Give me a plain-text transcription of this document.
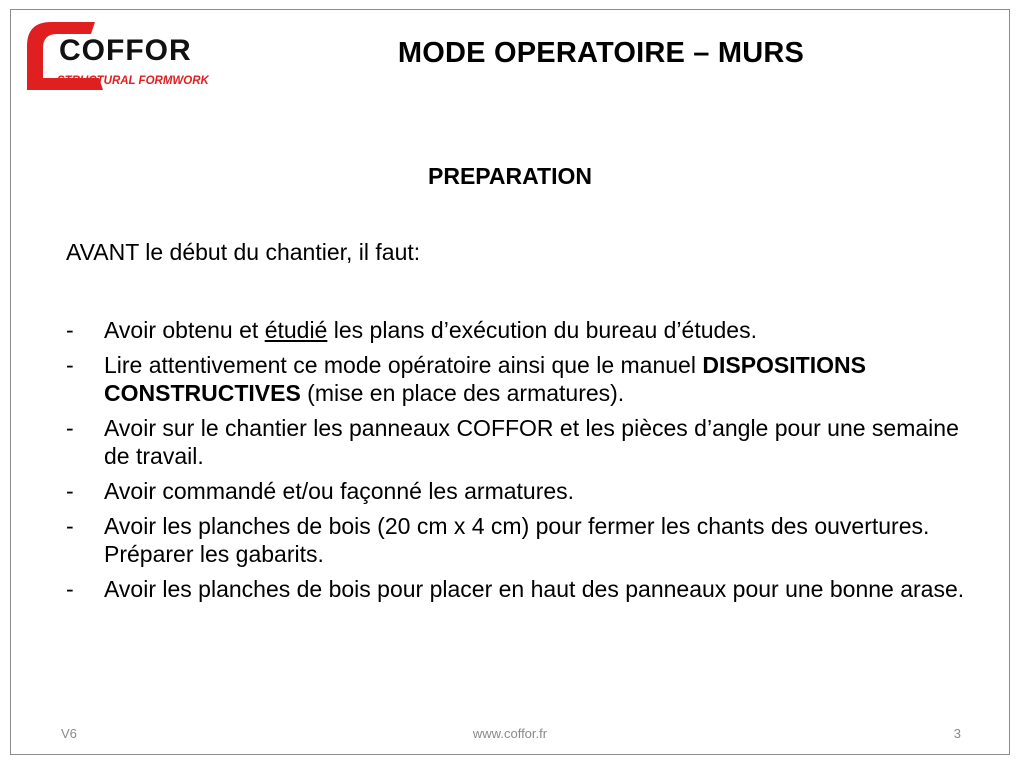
COFFOR
STRUCTURAL FORMWORK
MODE OPERATOIRE – MURS
PREPARATION

AVANT le début du chantier, il faut:

- Avoir obtenu et étudié les plans d’exécution du bureau d’études.
- Lire attentivement ce mode opératoire ainsi que le manuel DISPOSITIONS CONSTRUCTIVES (mise en place des armatures).
- Avoir sur le chantier les panneaux COFFOR et les pièces d’angle pour une semaine de travail.
- Avoir commandé et/ou façonné les armatures.
- Avoir les planches de bois (20 cm x 4 cm) pour fermer les chants des ouvertures. Préparer les gabarits.
- Avoir les planches de bois pour placer en haut des panneaux pour une bonne arase.
V6	www.coffor.fr	3
